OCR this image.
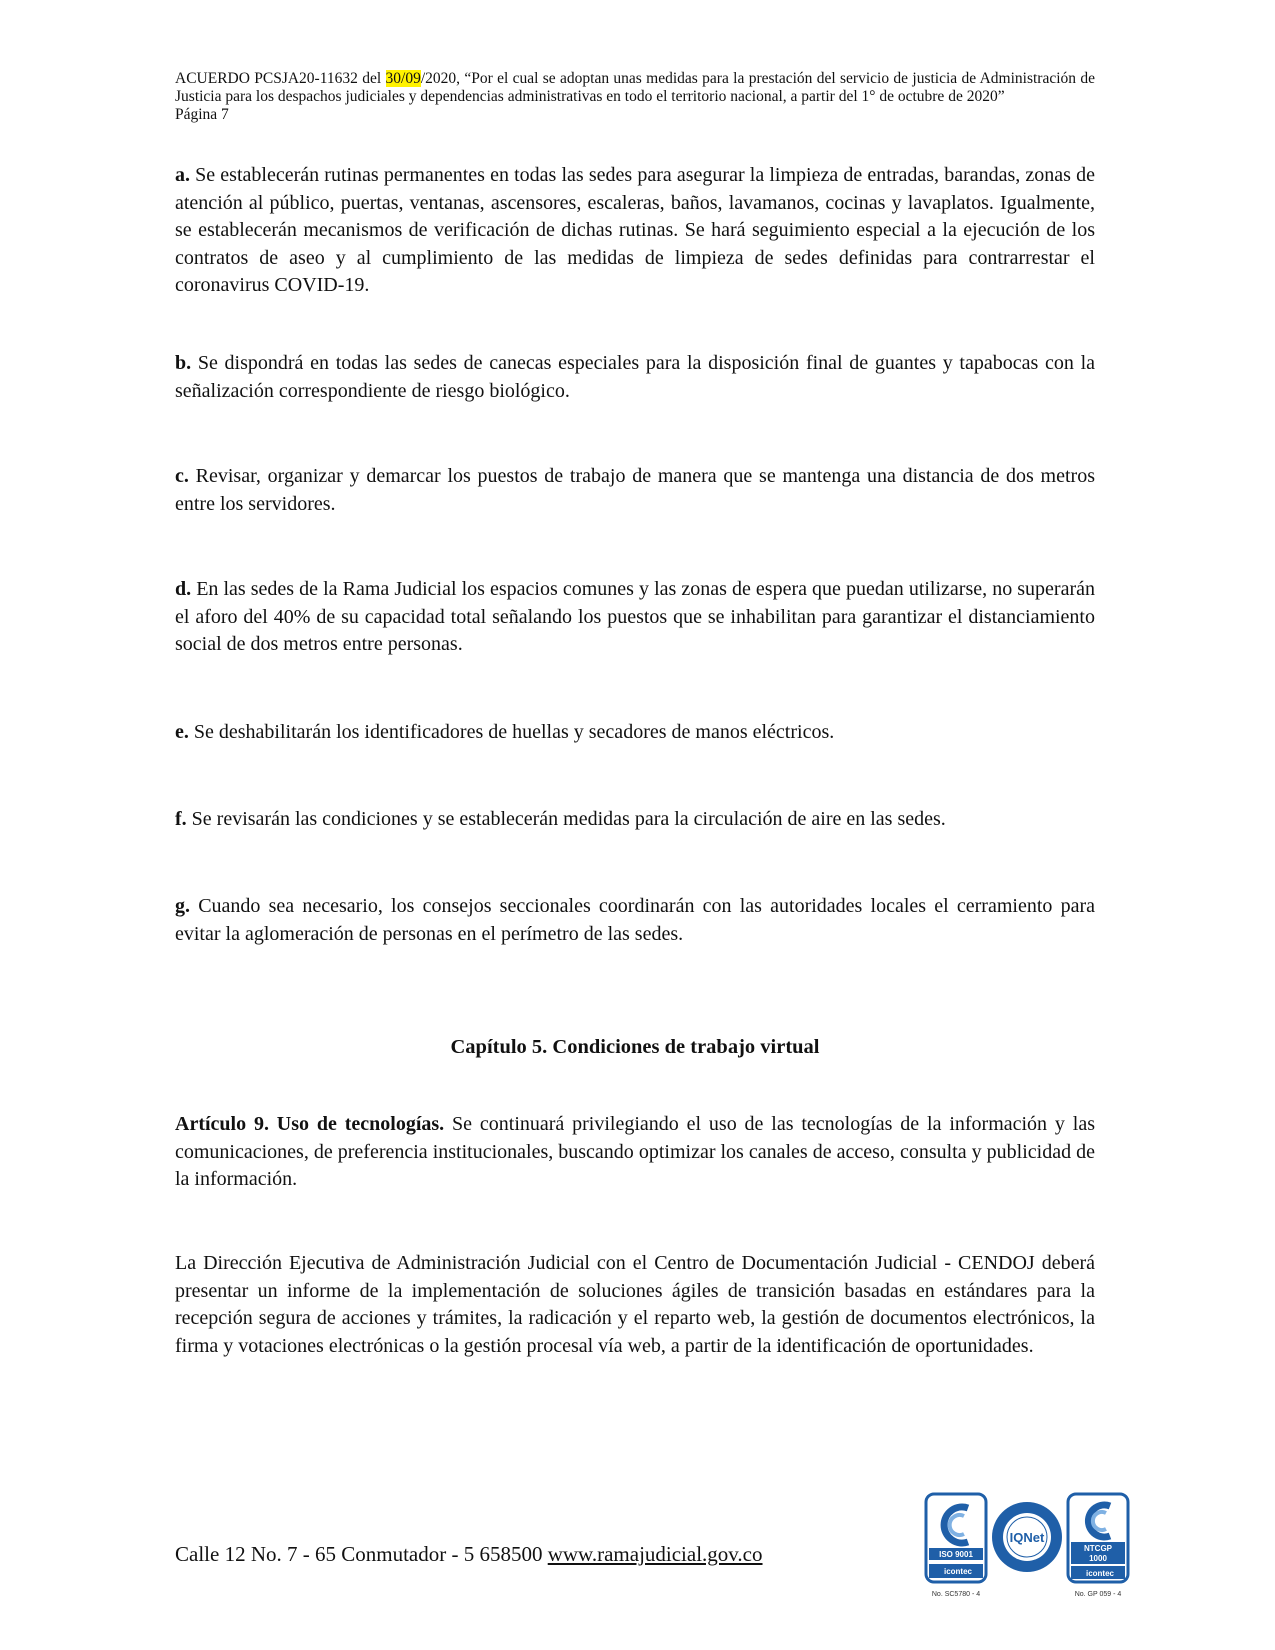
ACUERDO PCSJA20-11632 del 30/09/2020, “Por el cual se adoptan unas medidas para la prestación del servicio de justicia de Administración de Justicia para los despachos judiciales y dependencias administrativas en todo el territorio nacional, a partir del 1° de octubre de 2020”
Página 7

a. Se establecerán rutinas permanentes en todas las sedes para asegurar la limpieza de entradas, barandas, zonas de atención al público, puertas, ventanas, ascensores, escaleras, baños, lavamanos, cocinas y lavaplatos. Igualmente, se establecerán mecanismos de verificación de dichas rutinas. Se hará seguimiento especial a la ejecución de los contratos de aseo y al cumplimiento de las medidas de limpieza de sedes definidas para contrarrestar el coronavirus COVID-19.

b. Se dispondrá en todas las sedes de canecas especiales para la disposición final de guantes y tapabocas con la señalización correspondiente de riesgo biológico.

c. Revisar, organizar y demarcar los puestos de trabajo de manera que se mantenga una distancia de dos metros entre los servidores.

d. En las sedes de la Rama Judicial los espacios comunes y las zonas de espera que puedan utilizarse, no superarán el aforo del 40% de su capacidad total señalando los puestos que se inhabilitan para garantizar el distanciamiento social de dos metros entre personas.

e. Se deshabilitarán los identificadores de huellas y secadores de manos eléctricos.

f. Se revisarán las condiciones y se establecerán medidas para la circulación de aire en las sedes.

g. Cuando sea necesario, los consejos seccionales coordinarán con las autoridades locales el cerramiento para evitar la aglomeración de personas en el perímetro de las sedes.

Capítulo 5. Condiciones de trabajo virtual

Artículo 9. Uso de tecnologías. Se continuará privilegiando el uso de las tecnologías de la información y las comunicaciones, de preferencia institucionales, buscando optimizar los canales de acceso, consulta y publicidad de la información.

La Dirección Ejecutiva de Administración Judicial con el Centro de Documentación Judicial - CENDOJ deberá presentar un informe de la implementación de soluciones ágiles de transición basadas en estándares para la recepción segura de acciones y trámites, la radicación y el reparto web, la gestión de documentos electrónicos, la firma y votaciones electrónicas o la gestión procesal vía web, a partir de la identificación de oportunidades.

Calle 12 No. 7 - 65 Conmutador - 5 658500 www.ramajudicial.gov.co	ISO 9001
icontec
No. SC5780 - 4
IQNet
NTCGP
1000
icontec
No. GP 059 - 4
